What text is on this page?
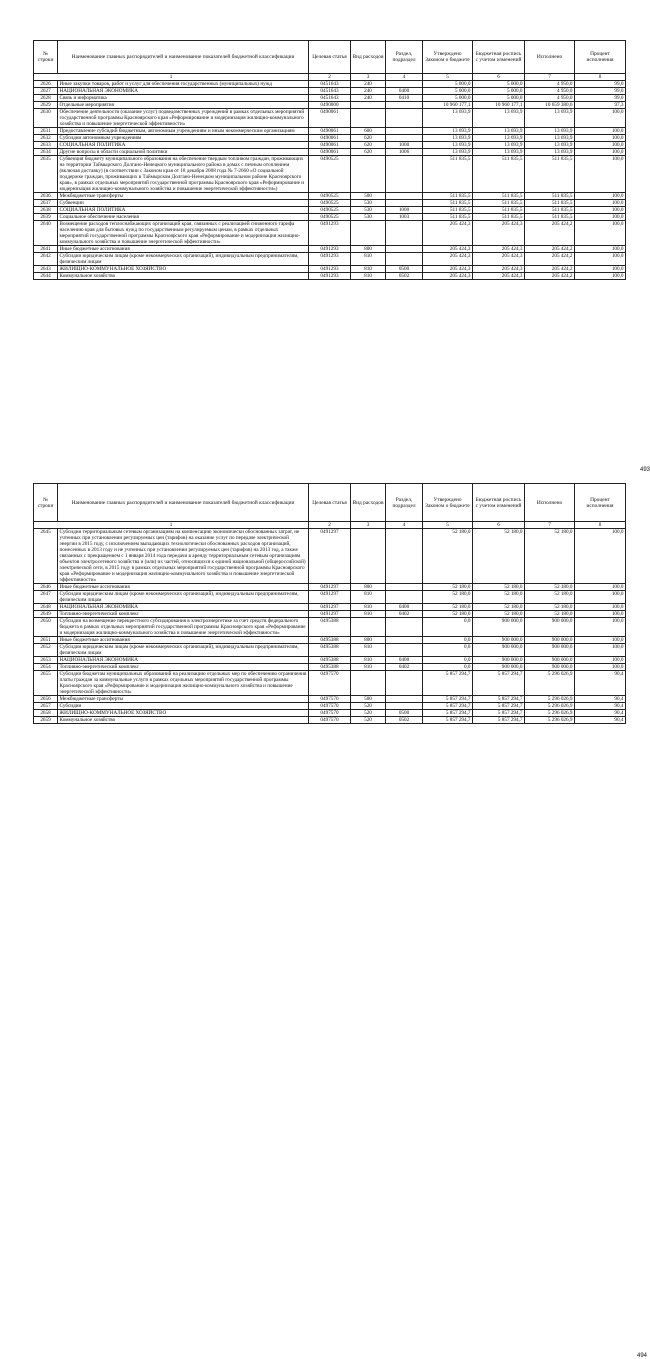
№ строки	Наименование главных распорядителей и наименование показателей бюджетной классификации	Целевая статья	Вид расходов	Раздел, подраздел	Утверждено Законом о бюджете	Бюджетная роспись с учетом изменений	Исполнено	Процент исполнения
1		2	3	4	5	6	7	8
2626	Иные закупки товаров, работ и услуг для обеспечения государственных (муниципальных) нужд	0451643	240		5 000,0	5 000,0	4 950,0	99,0
2627	НАЦИОНАЛЬНАЯ ЭКОНОМИКА	0451643	240	0400	5 000,0	5 000,0	4 950,0	99,0
2628	Связь и информатика	0451643	240	0410	5 000,0	5 000,0	4 950,0	99,0
2629	Отдельные мероприятия	0490000			10 960 177,1	10 960 177,1	10 659 380,6	97,3
2630	Обеспечение деятельности (оказание услуг) подведомственных учреждений в рамках отдельных мероприятий государственной программы Красноярского края «Реформирование и модернизация жилищно-коммунального хозяйства и повышение энергетической эффективности»	0490061			13 693,9	13 693,9	13 693,9	100,0
2631	Предоставление субсидий бюджетным, автономным учреждениям и иным некоммерческим организациям	0490061	600		13 693,9	13 693,9	13 693,9	100,0
2632	Субсидии автономным учреждениям	0490061	620		13 693,9	13 693,9	13 693,9	100,0
2633	СОЦИАЛЬНАЯ ПОЛИТИКА	0490061	620	1000	13 693,9	13 693,9	13 693,9	100,0
2634	Другие вопросы в области социальной политики	0490061	620	1006	13 693,9	13 693,9	13 693,9	100,0
2635	Субвенция бюджету муниципального образования на обеспечение твердым топливом граждан, проживающих на территории Таймырского Долгано-Ненецкого муниципального района в домах с печным отоплением (включая доставку) (в соответствии с Законом края от 18 декабря 2008 года № 7-2660 «О социальной поддержке граждан, проживающих в Таймырском Долгано-Ненецком муниципальном районе Красноярского края», в рамках отдельных мероприятий государственной программы Красноярского края «Реформирование и модернизация жилищно-коммунального хозяйства и повышение энергетической эффективности»)	0490525			511 835,5	511 835,5	511 835,5	100,0
2636	Межбюджетные трансферты	0490525	500		511 835,5	511 835,5	511 835,5	100,0
2637	Субвенции	0490525	530		511 835,5	511 835,5	511 835,5	100,0
2638	СОЦИАЛЬНАЯ ПОЛИТИКА	0490525	530	1000	511 835,5	511 835,5	511 835,5	100,0
2639	Социальное обеспечение населения	0490525	530	1003	511 835,5	511 835,5	511 835,5	100,0
2640	Возмещение расходов теплоснабжающих организаций края, связанных с реализацией сниженного тарифа населению края для бытовых нужд по государственным регулируемым ценам, в рамках отдельных мероприятий государственной программы Красноярского края «Реформирование и модернизация жилищно-коммунального хозяйства и повышение энергетической эффективности»	0491293			205 424,3	205 424,3	205 424,2	100,0
2641	Иные бюджетные ассигнования	0491293	800		205 424,3	205 424,3	205 424,2	100,0
2642	Субсидии юридическим лицам (кроме некоммерческих организаций), индивидуальным предпринимателям, физическим лицам	0491293	810		205 424,3	205 424,3	205 424,2	100,0
2643	ЖИЛИЩНО-КОММУНАЛЬНОЕ ХОЗЯЙСТВО	0491293	810	0500	205 424,3	205 424,3	205 424,2	100,0
2644	Коммунальное хозяйство	0491293	810	0502	205 424,3	205 424,3	205 424,2	100,0
493
№ строки	Наименование главных распорядителей и наименование показателей бюджетной классификации	Целевая статья	Вид расходов	Раздел, подраздел	Утверждено Законом о бюджете	Бюджетная роспись с учетом изменений	Исполнено	Процент исполнения
1		2	3	4	5	6	7	8
2645	Субсидии территориальным сетевым организациям на компенсацию экономически обоснованных затрат, не учтенных при установлении регулируемых цен (тарифов) на оказание услуг по передаче электрической энергии в 2015 году, с исключением выпадающих технологически обоснованных расходов организаций, понесенных в 2013 году и не учтенных при установлении регулируемых цен (тарифов) на 2013 год, а также связанных с прекращением с 1 января 2014 года передачи в аренду территориальным сетевым организациям объектов электросетевого хозяйства и (или) их частей, относящихся к единой национальной (общероссийской) электрической сети, в 2015 году в рамках отдельных мероприятий государственной программы Красноярского края «Реформирование и модернизация жилищно-коммунального хозяйства и повышение энергетической эффективности»	0491297			52 180,0	52 180,0	52 180,0	100,0
2646	Иные бюджетные ассигнования	0491297	800		52 180,0	52 180,0	52 180,0	100,0
2647	Субсидии юридическим лицам (кроме некоммерческих организаций), индивидуальным предпринимателям, физическим лицам	0491297	810		52 180,0	52 180,0	52 180,0	100,0
2648	НАЦИОНАЛЬНАЯ ЭКОНОМИКА	0491297	810	0400	52 180,0	52 180,0	52 180,0	100,0
2649	Топливно-энергетический комплекс	0491297	810	0402	52 180,0	52 180,0	52 180,0	100,0
2650	Субсидии на возмещение перекрестного субсидирования в электроэнергетике за счет средств федерального бюджета в рамках отдельных мероприятий государственной программы Красноярского края «Реформирование и модернизация жилищно-коммунального хозяйства и повышение энергетической эффективности»	0495388			0,0	900 000,0	900 000,0	100,0
2651	Иные бюджетные ассигнования	0495388	800		0,0	900 000,0	900 000,0	100,0
2652	Субсидии юридическим лицам (кроме некоммерческих организаций), индивидуальным предпринимателям, физическим лицам	0495388	810		0,0	900 000,0	900 000,0	100,0
2653	НАЦИОНАЛЬНАЯ ЭКОНОМИКА	0495388	810	0400	0,0	900 000,0	900 000,0	100,0
2654	Топливно-энергетический комплекс	0495388	810	0402	0,0	900 000,0	900 000,0	100,0
2655	Субсидии бюджетам муниципальных образований на реализацию отдельных мер по обеспечению ограничения платы граждан за коммунальные услуги в рамках отдельных мероприятий государственной программы Красноярского края «Реформирование и модернизация жилищно-коммунального хозяйства и повышение энергетической эффективности»	0497570			5 857 294,7	5 857 294,7	5 296 026,9	90,4
2656	Межбюджетные трансферты	0497570	500		5 857 294,7	5 857 294,7	5 296 026,9	90,4
2657	Субсидии	0497570	520		5 857 294,7	5 857 294,7	5 296 026,9	90,4
2658	ЖИЛИЩНО-КОММУНАЛЬНОЕ ХОЗЯЙСТВО	0497570	520	0500	5 857 294,7	5 857 294,7	5 296 026,9	90,4
2659	Коммунальное хозяйство	0497570	520	0502	5 857 294,7	5 857 294,7	5 296 026,9	90,4
494
